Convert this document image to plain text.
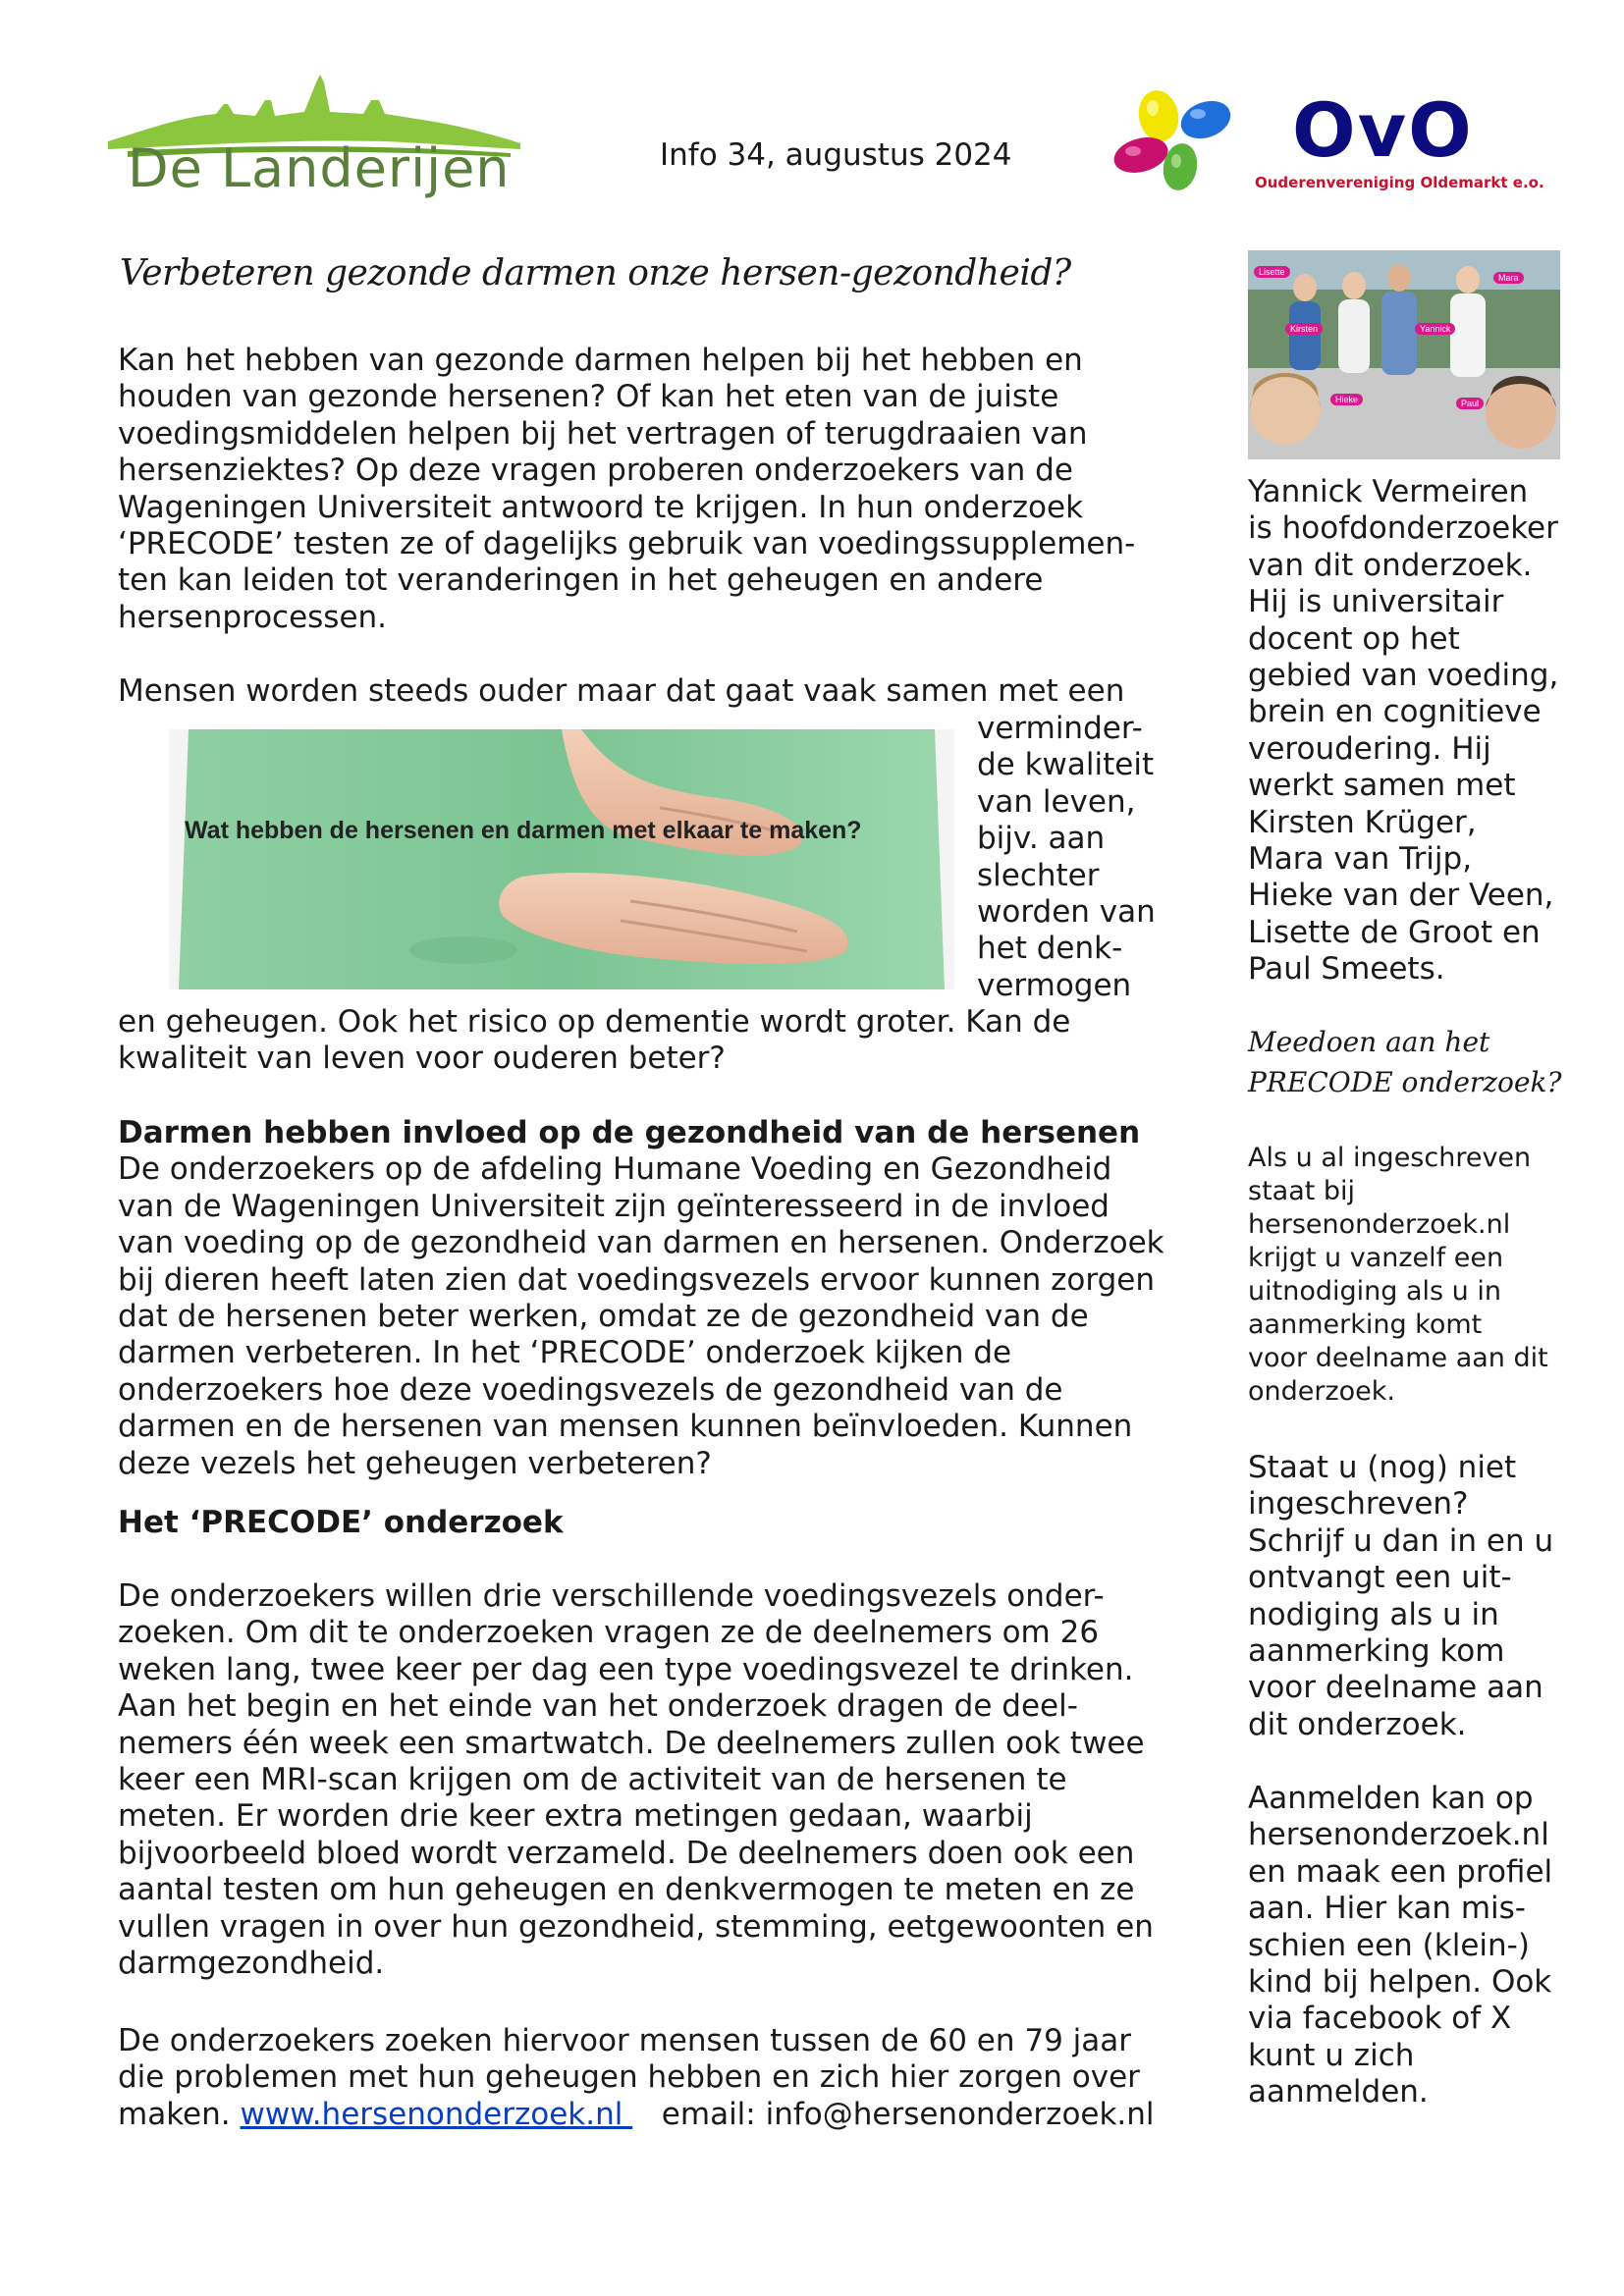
De Landerijen	Info 34, augustus 2024	OvO
Ouderenvereniging Oldemarkt e.o.
Verbeteren gezonde darmen onze hersen-gezondheid?
Kan het hebben van gezonde darmen helpen bij het hebben en
houden van gezonde hersenen? Of kan het eten van de juiste
voedingsmiddelen helpen bij het vertragen of terugdraaien van
hersenziektes? Op deze vragen proberen onderzoekers van de
Wageningen Universiteit antwoord te krijgen. In hun onderzoek
‘PRECODE’ testen ze of dagelijks gebruik van voedingssupplemen-
ten kan leiden tot veranderingen in het geheugen en andere
hersenprocessen.
Mensen worden steeds ouder maar dat gaat vaak samen met een
Wat hebben de hersenen en darmen met elkaar te maken?
verminder-
de kwaliteit
van leven,
bijv. aan
slechter
worden van
het denk-
vermogen
en geheugen. Ook het risico op dementie wordt groter. Kan de
kwaliteit van leven voor ouderen beter?
Darmen hebben invloed op de gezondheid van de hersenen
De onderzoekers op de afdeling Humane Voeding en Gezondheid
van de Wageningen Universiteit zijn geïnteresseerd in de invloed
van voeding op de gezondheid van darmen en hersenen. Onderzoek
bij dieren heeft laten zien dat voedingsvezels ervoor kunnen zorgen
dat de hersenen beter werken, omdat ze de gezondheid van de
darmen verbeteren. In het ‘PRECODE’ onderzoek kijken de
onderzoekers hoe deze voedingsvezels de gezondheid van de
darmen en de hersenen van mensen kunnen beïnvloeden. Kunnen
deze vezels het geheugen verbeteren?
Het ‘PRECODE’ onderzoek
De onderzoekers willen drie verschillende voedingsvezels onder-
zoeken. Om dit te onderzoeken vragen ze de deelnemers om 26
weken lang, twee keer per dag een type voedingsvezel te drinken.
Aan het begin en het einde van het onderzoek dragen de deel-
nemers één week een smartwatch. De deelnemers zullen ook twee
keer een MRI-scan krijgen om de activiteit van de hersenen te
meten. Er worden drie keer extra metingen gedaan, waarbij
bijvoorbeeld bloed wordt verzameld. De deelnemers doen ook een
aantal testen om hun geheugen en denkvermogen te meten en ze
vullen vragen in over hun gezondheid, stemming, eetgewoonten en
darmgezondheid.
De onderzoekers zoeken hiervoor mensen tussen de 60 en 79 jaar
die problemen met hun geheugen hebben en zich hier zorgen over
maken. www.hersenonderzoek.nl    email: info@hersenonderzoek.nl
Lisette
Mara
Kirsten	Yannick
Hieke	Paul
Yannick Vermeiren
is hoofdonderzoeker
van dit onderzoek.
Hij is universitair
docent op het
gebied van voeding,
brein en cognitieve
veroudering. Hij
werkt samen met
Kirsten Krüger,
Mara van Trijp,
Hieke van der Veen,
Lisette de Groot en
Paul Smeets.
Meedoen aan het
PRECODE onderzoek?
Als u al ingeschreven
staat bij
hersenonderzoek.nl
krijgt u vanzelf een
uitnodiging als u in
aanmerking komt
voor deelname aan dit
onderzoek.
Staat u (nog) niet
ingeschreven?
Schrijf u dan in en u
ontvangt een uit-
nodiging als u in
aanmerking kom
voor deelname aan
dit onderzoek.
Aanmelden kan op
hersenonderzoek.nl
en maak een profiel
aan. Hier kan mis-
schien een (klein-)
kind bij helpen. Ook
via facebook of X
kunt u zich
aanmelden.
